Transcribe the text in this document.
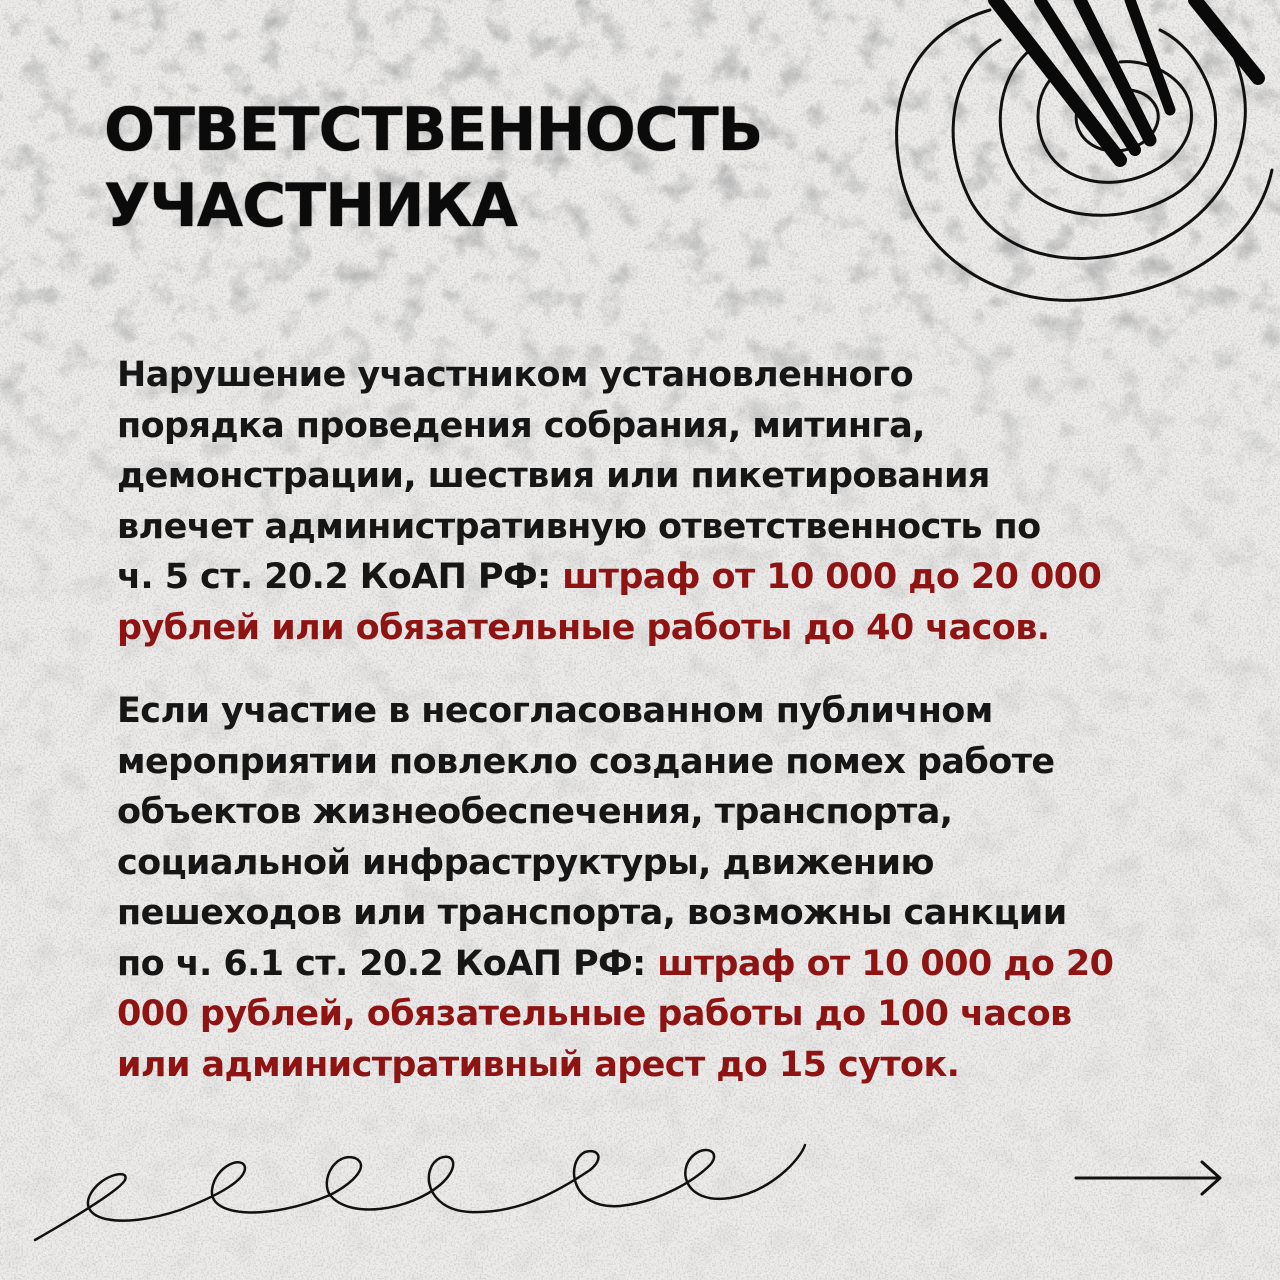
ОТВЕТСТВЕННОСТЬ
УЧАСТНИКА

Нарушение участником установленного
порядка проведения собрания, митинга,
демонстрации, шествия или пикетирования
влечет административную ответственность по
ч. 5 ст. 20.2 КоАП РФ: штраф от 10 000 до 20 000
рублей или обязательные работы до 40 часов.

Если участие в несогласованном публичном
мероприятии повлекло создание помех работе
объектов жизнеобеспечения, транспорта,
социальной инфраструктуры, движению
пешеходов или транспорта, возможны санкции
по ч. 6.1 ст. 20.2 КоАП РФ: штраф от 10 000 до 20
000 рублей, обязательные работы до 100 часов
или административный арест до 15 суток.
